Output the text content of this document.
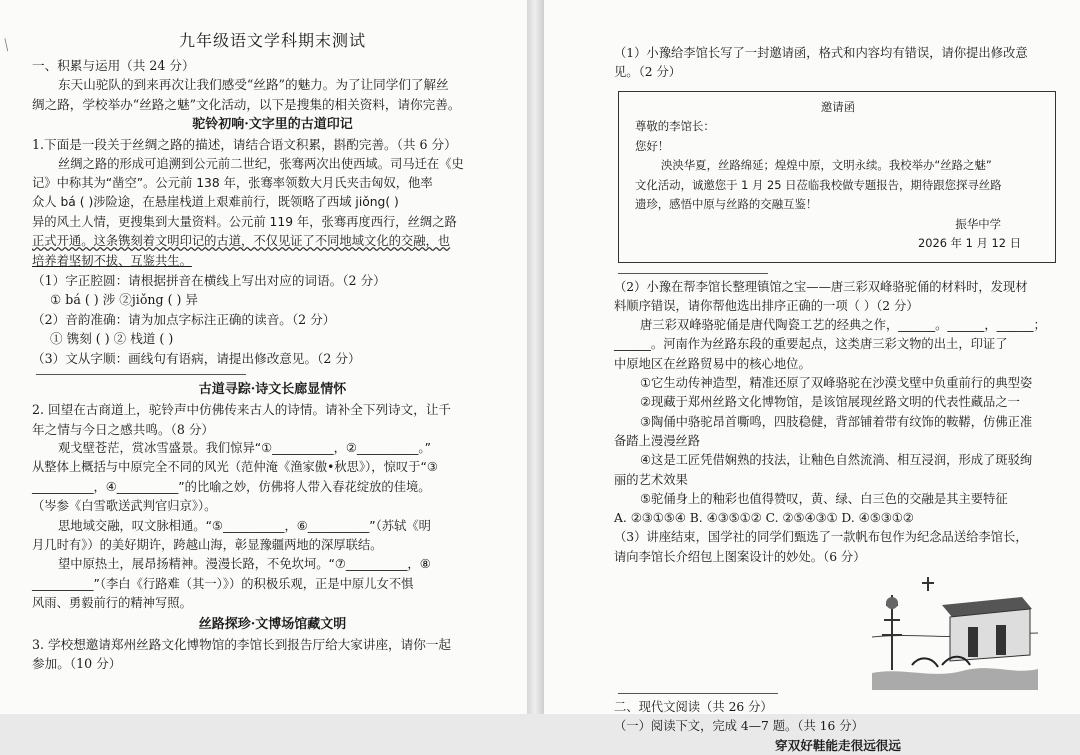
╱	九年级语文学科期末测试
一、积累与运用（共 24 分）
东天山驼队的到来再次让我们感受“丝路”的魅力。为了让同学们了解丝
绸之路，学校举办“丝路之魅”文化活动，以下是搜集的相关资料，请你完善。
驼铃初响·文字里的古道印记
1.下面是一段关于丝绸之路的描述，请结合语文积累，斟酌完善。（共 6 分）
丝绸之路的形成可追溯到公元前二世纪，张骞两次出使西域。司马迁在《史
记》中称其为“凿空”。公元前 138 年，张骞率领数大月氏夹击匈奴，他率
众人 bá ( )涉险途，在悬崖栈道上艰难前行，既领略了西域 jiǒng( )
异的风土人情，更搜集到大量资料。公元前 119 年，张骞再度西行，丝绸之路
正式开通。这条镌刻着文明印记的古道，不仅见证了不同地域文化的交融，也
培养着坚韧不拔、互鉴共生。
（1）字正腔圆：请根据拼音在横线上写出对应的词语。（2 分）
① bá ( ) 涉 ②jiǒng ( ) 异
（2）音韵准确：请为加点字标注正确的读音。（2 分）
① 镌刻 ( ) ② 栈道 ( )
（3）文从字顺：画线句有语病，请提出修改意见。（2 分）
古道寻踪·诗文长廊显情怀
2. 回望在古商道上，驼铃声中仿佛传来古人的诗情。请补全下列诗文，让千
年之情与今日之感共鸣。（8 分）
观戈壁苍茫，赏冰雪盛景。我们惊异“①__________，②__________。”
从整体上概括与中原完全不同的风光（范仲淹《渔家傲•秋思》），惊叹于“③
__________，④__________”的比喻之妙，仿佛将人带入春花绽放的佳境。
（岑参《白雪歌送武判官归京》）。
思地域交融，叹文脉相通。“⑤__________，⑥__________”（苏轼《明
月几时有》）的美好期许，跨越山海，彰显豫疆两地的深厚联结。
望中原热土，展昂扬精神。漫漫长路，不免坎坷。“⑦__________，⑧
__________”（李白《行路难（其一）》）的积极乐观，正是中原儿女不惧
风雨、勇毅前行的精神写照。
丝路探珍·文博场馆藏文明
3. 学校想邀请郑州丝路文化博物馆的李馆长到报告厅给大家讲座，请你一起
参加。（10 分）
（1）小豫给李馆长写了一封邀请函，格式和内容均有错误，请你提出修改意
见。（2 分）
邀请函
尊敬的李馆长：
您好！
泱泱华夏，丝路绵延；煌煌中原，文明永续。我校举办“丝路之魅”
文化活动，诚邀您于 1 月 25 日莅临我校做专题报告，期待跟您探寻丝路
遗珍，感悟中原与丝路的交融互鉴！
振华中学
2026 年 1 月 12 日
（2）小豫在帮李馆长整理镇馆之宝——唐三彩双峰骆驼俑的材料时，发现材
料顺序错误，请你帮他选出排序正确的一项（ ）（2 分）
唐三彩双峰骆驼俑是唐代陶瓷工艺的经典之作，______。______，______；
______。河南作为丝路东段的重要起点，这类唐三彩文物的出土，印证了
中原地区在丝路贸易中的核心地位。
①它生动传神造型，精准还原了双峰骆驼在沙漠戈壁中负重前行的典型姿
②现藏于郑州丝路文化博物馆，是该馆展现丝路文明的代表性藏品之一
③陶俑中骆驼昂首嘶鸣，四肢稳健，背部铺着带有纹饰的鞍鞯，仿佛正准
备踏上漫漫丝路
④这是工匠凭借娴熟的技法，让釉色自然流淌、相互浸润，形成了斑驳绚
丽的艺术效果
⑤驼俑身上的釉彩也值得赞叹，黄、绿、白三色的交融是其主要特征
A. ②③①⑤④ B. ④③⑤①② C. ②⑤④③① D. ④⑤③①②
（3）讲座结束，国学社的同学们甄选了一款帆布包作为纪念品送给李馆长，
请向李馆长介绍包上图案设计的妙处。（6 分）
二、现代文阅读（共 26 分）
（一）阅读下文，完成 4—7 题。（共 16 分）
穿双好鞋能走很远很远
